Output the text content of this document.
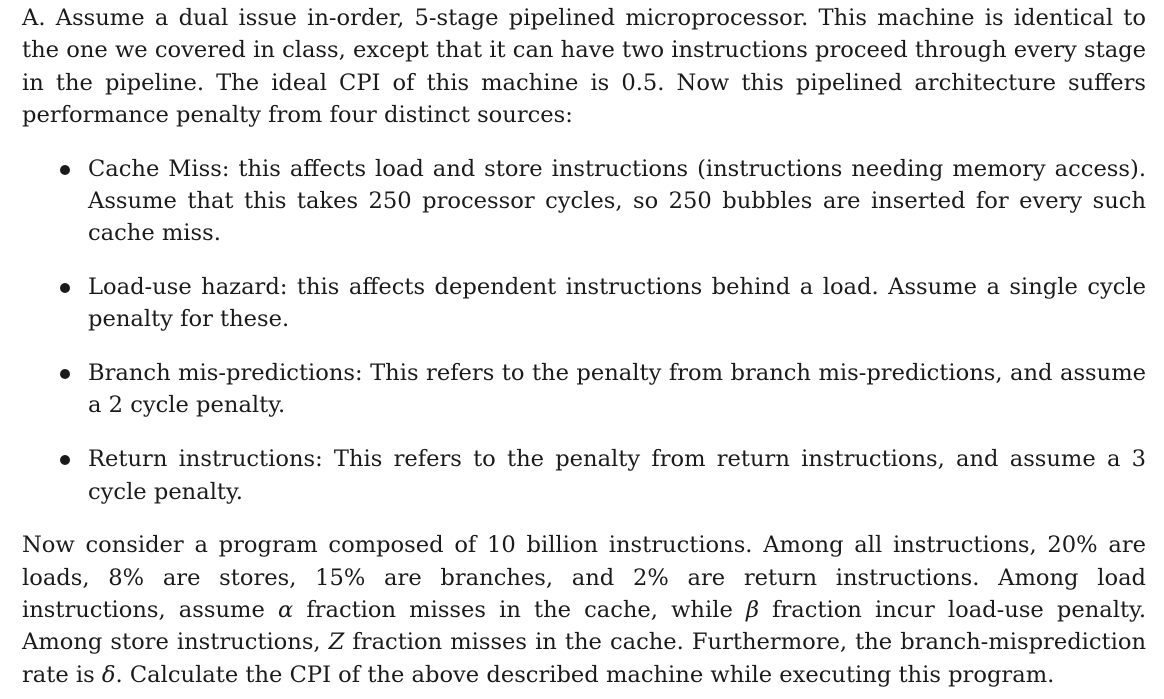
A. Assume a dual issue in-order, 5-stage pipelined microprocessor. This machine is identical to the one we covered in class, except that it can have two instructions proceed through every stage in the pipeline. The ideal CPI of this machine is 0.5. Now this pipelined architecture suffers performance penalty from four distinct sources:

Cache Miss: this affects load and store instructions (instructions needing memory access). Assume that this takes 250 processor cycles, so 250 bubbles are inserted for every such cache miss.
Load-use hazard: this affects dependent instructions behind a load. Assume a single cycle penalty for these.
Branch mis-predictions: This refers to the penalty from branch mis-predictions, and assume a 2 cycle penalty.
Return instructions: This refers to the penalty from return instructions, and assume a 3 cycle penalty.

Now consider a program composed of 10 billion instructions. Among all instructions, 20% are loads, 8% are stores, 15% are branches, and 2% are return instructions. Among load instructions, assume α fraction misses in the cache, while β fraction incur load-use penalty. Among store instructions, Z fraction misses in the cache. Furthermore, the branch-misprediction rate is δ. Calculate the CPI of the above described machine while executing this program.
